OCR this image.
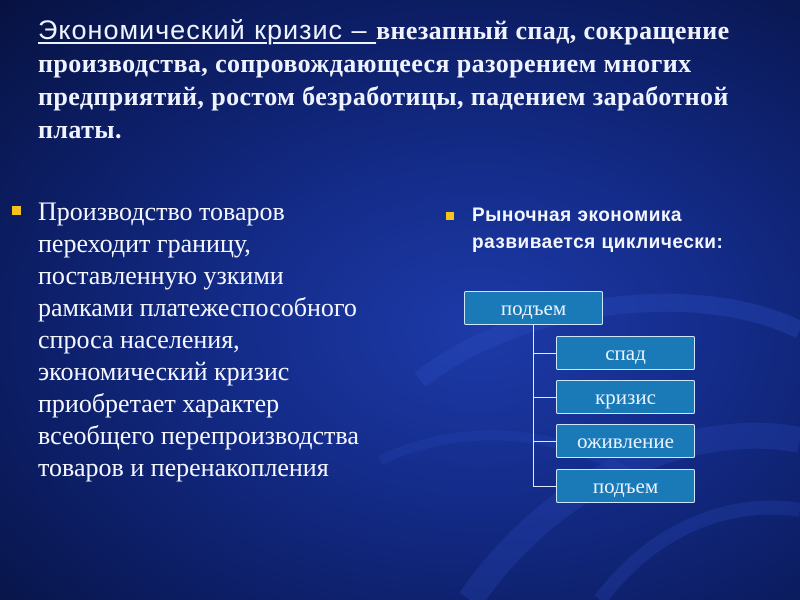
Экономический кризис – внезапный спад, сокращение производства, сопровождающееся разорением многих предприятий, ростом безработицы, падением заработной платы.
Производство товаров переходит границу, поставленную узкими рамками платежеспособного спроса населения, экономический кризис приобретает характер всеобщего перепроизводства товаров и перенакопления
Рыночная экономика развивается циклически:
подъем
спад
кризис
оживление
подъем
